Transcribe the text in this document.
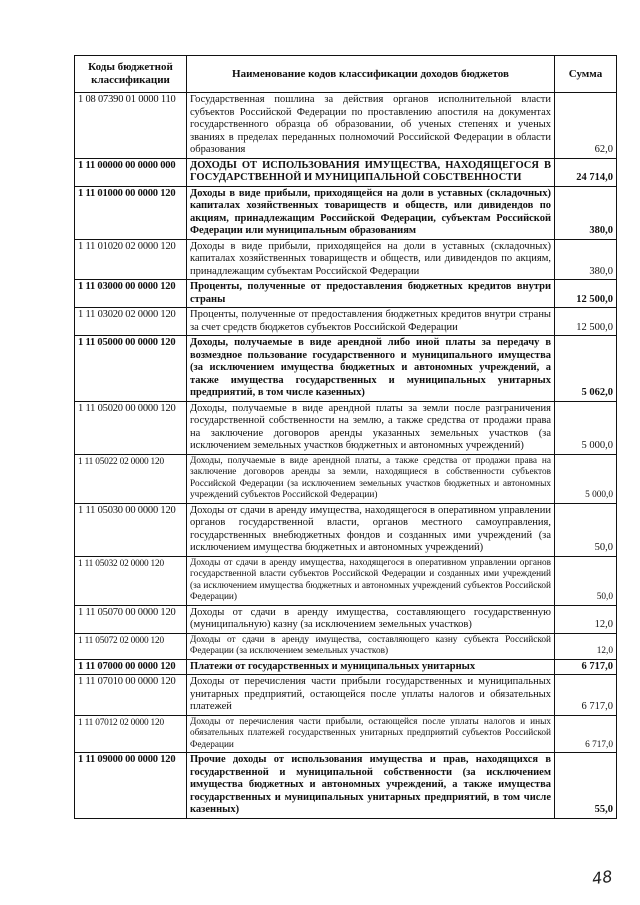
Коды бюджетной классификации	Наименование кодов классификации доходов бюджетов	Сумма
1 08 07390 01 0000 110	Государственная пошлина за действия органов исполнительной власти субъектов Российской Федерации по проставлению апостиля на документах государственного образца об образовании, об ученых степенях и ученых званиях в пределах переданных полномочий Российской Федерации в области образования	62,0
1 11 00000 00 0000 000	ДОХОДЫ ОТ ИСПОЛЬЗОВАНИЯ ИМУЩЕСТВА, НАХОДЯЩЕГОСЯ В ГОСУДАРСТВЕННОЙ И МУНИЦИПАЛЬНОЙ СОБСТВЕННОСТИ	24 714,0
1 11 01000 00 0000 120	Доходы в виде прибыли, приходящейся на доли в уставных (складочных) капиталах хозяйственных товариществ и обществ, или дивидендов по акциям, принадлежащим Российской Федерации, субъектам Российской Федерации или муниципальным образованиям	380,0
1 11 01020 02 0000 120	Доходы в виде прибыли, приходящейся на доли в уставных (складочных) капиталах хозяйственных товариществ и обществ, или дивидендов по акциям, принадлежащим субъектам Российской Федерации	380,0
1 11 03000 00 0000 120	Проценты, полученные от предоставления бюджетных кредитов внутри страны	12 500,0
1 11 03020 02 0000 120	Проценты, полученные от предоставления бюджетных кредитов внутри страны за счет средств бюджетов субъектов Российской Федерации	12 500,0
1 11 05000 00 0000 120	Доходы, получаемые в виде арендной либо иной платы за передачу в возмездное пользование государственного и муниципального имущества (за исключением имущества бюджетных и автономных учреждений, а также имущества государственных и муниципальных унитарных предприятий, в том числе казенных)	5 062,0
1 11 05020 00 0000 120	Доходы, получаемые в виде арендной платы за земли после разграничения государственной собственности на землю, а также средства от продажи права на заключение договоров аренды указанных земельных участков (за исключением земельных участков бюджетных и автономных учреждений)	5 000,0
1 11 05022 02 0000 120	Доходы, получаемые в виде арендной платы, а также средства от продажи права на заключение договоров аренды за земли, находящиеся в собственности субъектов Российской Федерации (за исключением земельных участков бюджетных и автономных учреждений субъектов Российской Федерации)	5 000,0
1 11 05030 00 0000 120	Доходы от сдачи в аренду имущества, находящегося в оперативном управлении органов государственной власти, органов местного самоуправления, государственных внебюджетных фондов и созданных ими учреждений (за исключением имущества бюджетных и автономных учреждений)	50,0
1 11 05032 02 0000 120	Доходы от сдачи в аренду имущества, находящегося в оперативном управлении органов государственной власти субъектов Российской Федерации и созданных ими учреждений (за исключением имущества бюджетных и автономных учреждений субъектов Российской Федерации)	50,0
1 11 05070 00 0000 120	Доходы от сдачи в аренду имущества, составляющего государственную (муниципальную) казну (за исключением земельных участков)	12,0
1 11 05072 02 0000 120	Доходы от сдачи в аренду имущества, составляющего казну субъекта Российской Федерации (за исключением земельных участков)	12,0
1 11 07000 00 0000 120	Платежи от государственных и муниципальных унитарных	6 717,0
1 11 07010 00 0000 120	Доходы от перечисления части прибыли государственных и муниципальных унитарных предприятий, остающейся после уплаты налогов и обязательных платежей	6 717,0
1 11 07012 02 0000 120	Доходы от перечисления части прибыли, остающейся после уплаты налогов и иных обязательных платежей государственных унитарных предприятий субъектов Российской Федерации	6 717,0
1 11 09000 00 0000 120	Прочие доходы от использования имущества и прав, находящихся в государственной и муниципальной собственности (за исключением имущества бюджетных и автономных учреждений, а также имущества государственных и муниципальных унитарных предприятий, в том числе казенных)	55,0
48
